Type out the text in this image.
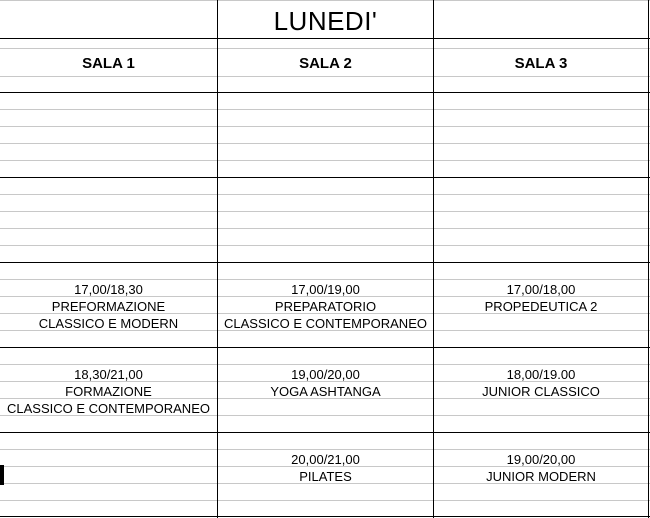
LUNEDI'
SALA 1	SALA 2	SALA 3
17,00/18,30
PREFORMAZIONE
CLASSICO E MODERN
17,00/19,00
PREPARATORIO
CLASSICO E CONTEMPORANEO
17,00/18,00
PROPEDEUTICA 2
18,30/21,00
FORMAZIONE
CLASSICO E CONTEMPORANEO
19,00/20,00
YOGA ASHTANGA
18,00/19.00
JUNIOR CLASSICO
20,00/21,00
PILATES
19,00/20,00
JUNIOR MODERN
